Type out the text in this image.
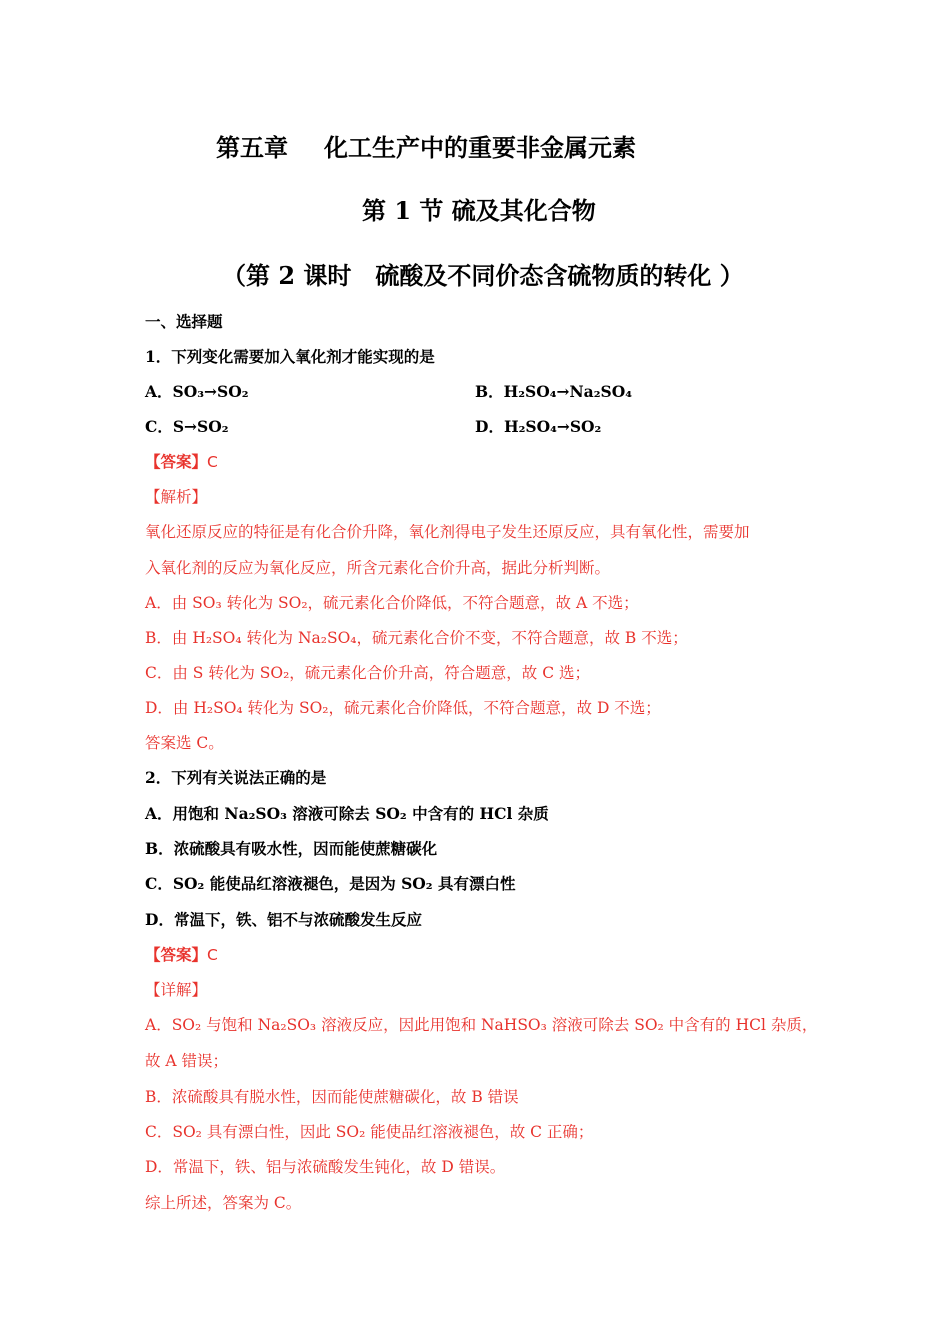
第五章 化工生产中的重要非金属元素
第 1 节 硫及其化合物
（第 2 课时　硫酸及不同价态含硫物质的转化 ）
一、选择题
1．下列变化需要加入氧化剂才能实现的是
A．SO₃→SO₂	B．H₂SO₄→Na₂SO₄
C．S→SO₂	D．H₂SO₄→SO₂
【答案】C
【解析】
氧化还原反应的特征是有化合价升降，氧化剂得电子发生还原反应，具有氧化性，需要加
入氧化剂的反应为氧化反应，所含元素化合价升高，据此分析判断。
A．由 SO₃ 转化为 SO₂，硫元素化合价降低，不符合题意，故 A 不选；
B．由 H₂SO₄ 转化为 Na₂SO₄，硫元素化合价不变，不符合题意，故 B 不选；
C．由 S 转化为 SO₂，硫元素化合价升高，符合题意，故 C 选；
D．由 H₂SO₄ 转化为 SO₂，硫元素化合价降低，不符合题意，故 D 不选；
答案选 C。
2．下列有关说法正确的是
A．用饱和 Na₂SO₃ 溶液可除去 SO₂ 中含有的 HCl 杂质
B．浓硫酸具有吸水性，因而能使蔗糖碳化
C．SO₂ 能使品红溶液褪色，是因为 SO₂ 具有漂白性
D．常温下，铁、铝不与浓硫酸发生反应
【答案】C
【详解】
A．SO₂ 与饱和 Na₂SO₃ 溶液反应，因此用饱和 NaHSO₃ 溶液可除去 SO₂ 中含有的 HCl 杂质，
故 A 错误；
B．浓硫酸具有脱水性，因而能使蔗糖碳化，故 B 错误
C．SO₂ 具有漂白性，因此 SO₂ 能使品红溶液褪色，故 C 正确；
D．常温下，铁、铝与浓硫酸发生钝化，故 D 错误。
综上所述，答案为 C。
